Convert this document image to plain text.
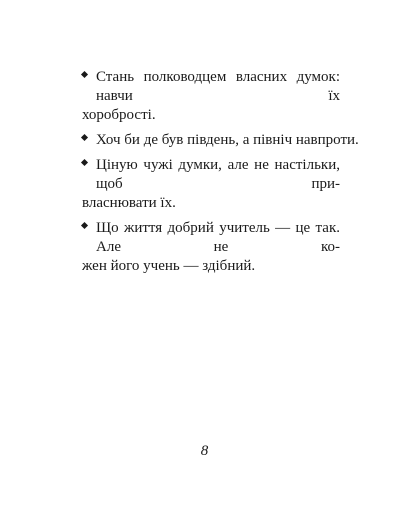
Стань полководцем власних думок: навчи їх
хоробрості.
Хоч би де був південь, а північ навпроти.
Ціную чужі думки, але не настільки, щоб при-
власнювати їх.
Що життя добрий учитель — це так. Але не ко-
жен його учень — здібний.

8
